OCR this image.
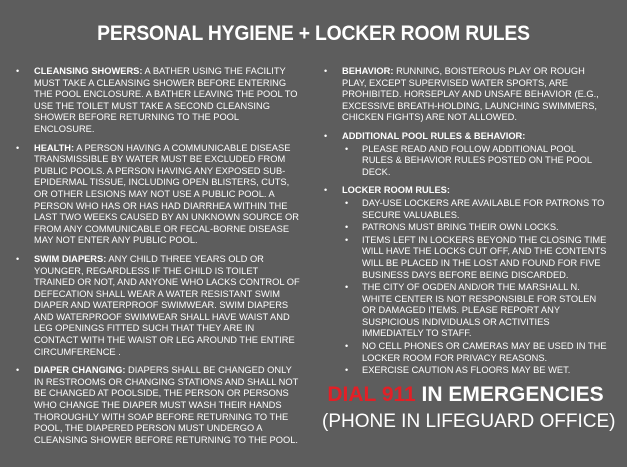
PERSONAL HYGIENE + LOCKER ROOM RULES
• CLEANSING SHOWERS: A BATHER USING THE FACILITY MUST TAKE A CLEANSING SHOWER BEFORE ENTERING THE POOL ENCLOSURE. A BATHER LEAVING THE POOL TO USE THE TOILET MUST TAKE A SECOND CLEANSING SHOWER BEFORE RETURNING TO THE POOL ENCLOSURE.
• HEALTH: A PERSON HAVING A COMMUNICABLE DISEASE TRANSMISSIBLE BY WATER MUST BE EXCLUDED FROM PUBLIC POOLS. A PERSON HAVING ANY EXPOSED SUB-EPIDERMAL TISSUE, INCLUDING OPEN BLISTERS, CUTS, OR OTHER LESIONS MAY NOT USE A PUBLIC POOL. A PERSON WHO HAS OR HAS HAD DIARRHEA WITHIN THE LAST TWO WEEKS CAUSED BY AN UNKNOWN SOURCE OR FROM ANY COMMUNICABLE OR FECAL-BORNE DISEASE MAY NOT ENTER ANY PUBLIC POOL.
• SWIM DIAPERS: ANY CHILD THREE YEARS OLD OR YOUNGER, REGARDLESS IF THE CHILD IS TOILET TRAINED OR NOT, AND ANYONE WHO LACKS CONTROL OF DEFECATION SHALL WEAR A WATER RESISTANT SWIM DIAPER AND WATERPROOF SWIMWEAR. SWIM DIAPERS AND WATERPROOF SWIMWEAR SHALL HAVE WAIST AND LEG OPENINGS FITTED SUCH THAT THEY ARE IN CONTACT WITH THE WAIST OR LEG AROUND THE ENTIRE CIRCUMFERENCE .
• DIAPER CHANGING: DIAPERS SHALL BE CHANGED ONLY IN RESTROOMS OR CHANGING STATIONS AND SHALL NOT BE CHANGED AT POOLSIDE, THE PERSON OR PERSONS WHO CHANGE THE DIAPER MUST WASH THEIR HANDS THOROUGHLY WITH SOAP BEFORE RETURNING TO THE POOL, THE DIAPERED PERSON MUST UNDERGO A CLEANSING SHOWER BEFORE RETURNING TO THE POOL.
• BEHAVIOR: RUNNING, BOISTEROUS PLAY OR ROUGH PLAY, EXCEPT SUPERVISED WATER SPORTS, ARE PROHIBITED. HORSEPLAY AND UNSAFE BEHAVIOR (E.G., EXCESSIVE BREATH-HOLDING, LAUNCHING SWIMMERS, CHICKEN FIGHTS) ARE NOT ALLOWED.
• ADDITIONAL POOL RULES & BEHAVIOR:
• PLEASE READ AND FOLLOW ADDITIONAL POOL RULES & BEHAVIOR RULES POSTED ON THE POOL DECK.
• LOCKER ROOM RULES:
• DAY-USE LOCKERS ARE AVAILABLE FOR PATRONS TO SECURE VALUABLES.
• PATRONS MUST BRING THEIR OWN LOCKS.
• ITEMS LEFT IN LOCKERS BEYOND THE CLOSING TIME WILL HAVE THE LOCKS CUT OFF, AND THE CONTENTS WILL BE PLACED IN THE LOST AND FOUND FOR FIVE BUSINESS DAYS BEFORE BEING DISCARDED.
• THE CITY OF OGDEN AND/OR THE MARSHALL N. WHITE CENTER IS NOT RESPONSIBLE FOR STOLEN OR DAMAGED ITEMS. PLEASE REPORT ANY SUSPICIOUS INDIVIDUALS OR ACTIVITIES IMMEDIATELY TO STAFF.
• NO CELL PHONES OR CAMERAS MAY BE USED IN THE LOCKER ROOM FOR PRIVACY REASONS.
• EXERCISE CAUTION AS FLOORS MAY BE WET.
DIAL 911 IN EMERGENCIES
(PHONE IN LIFEGUARD OFFICE)
